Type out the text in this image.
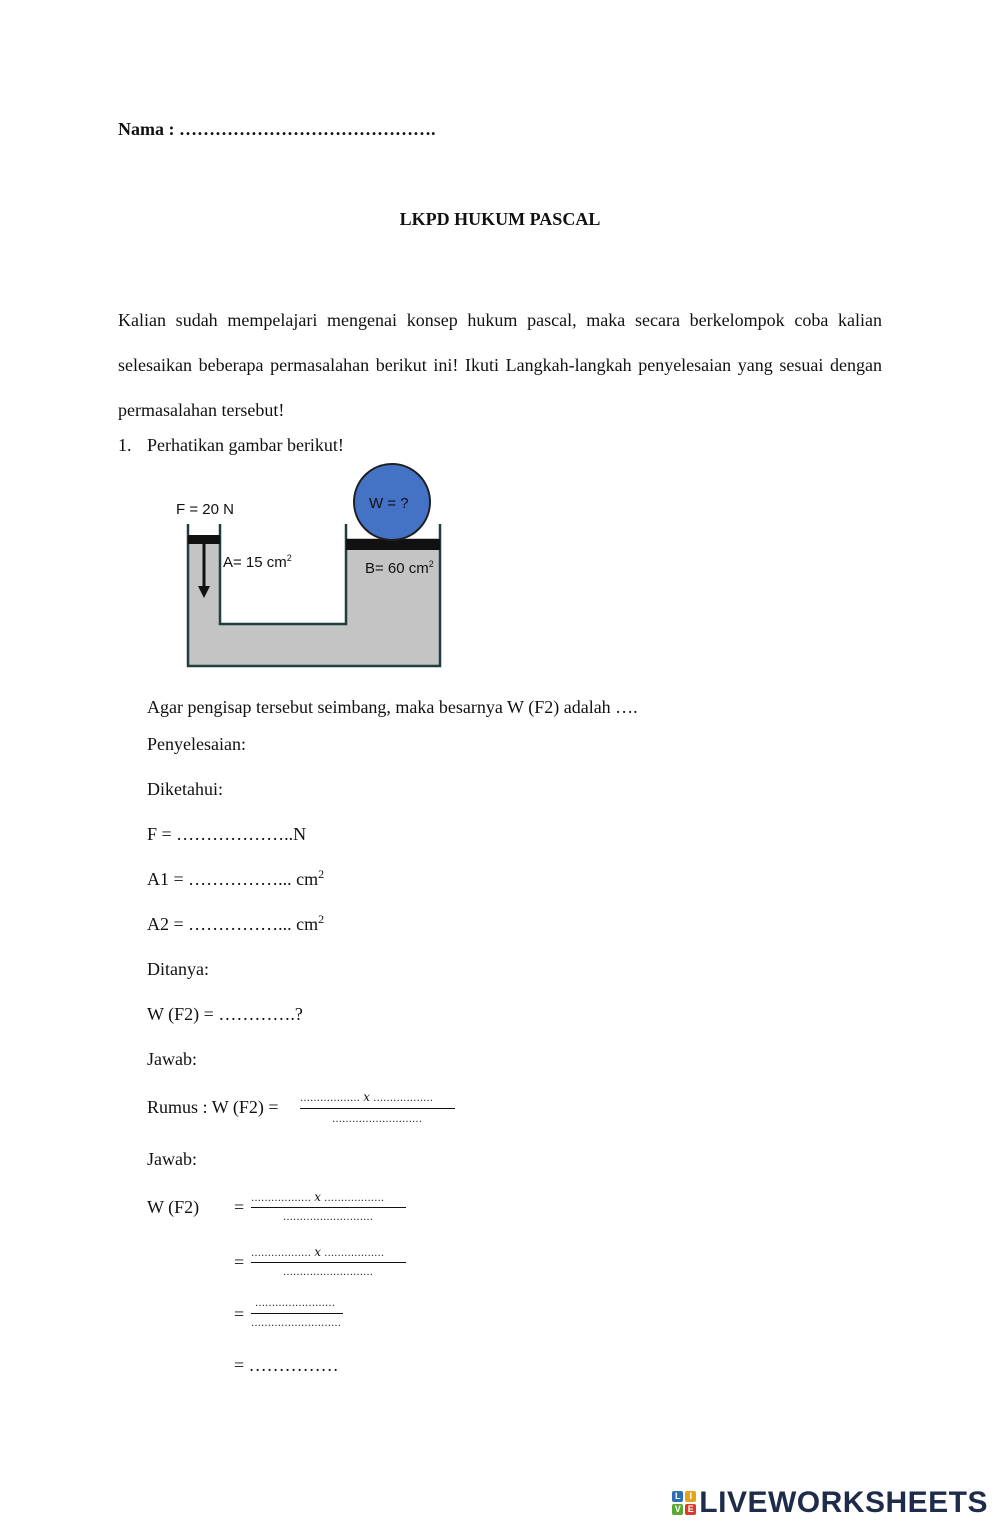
Nama : …………………………………….
LKPD HUKUM PASCAL
Kalian sudah mempelajari mengenai konsep hukum pascal, maka secara berkelompok coba kalian selesaikan beberapa permasalahan berikut ini! Ikuti Langkah-langkah penyelesaian yang sesuai dengan permasalahan tersebut!
1. Perhatikan gambar berikut!
W = ?
F = 20 N
A= 15 $cm^2$
B= 60 $cm^2$
Agar pengisap tersebut seimbang, maka besarnya W (F2) adalah ….
Penyelesaian:
Diketahui:
F = ………………..N
A1 = ……………... $cm^2$
A2 = ……………... $cm^2$
Ditanya:
W (F2) = ………….?
Jawab:
Rumus : W (F2) = ……………… x ………………
………………………
Jawab:
W (F2) = ……………… x ………………
………………………
= ……………… x ………………
………………………
=
……………………
………………………
= ……………
L I
V E LIVEWORKSHEETS
